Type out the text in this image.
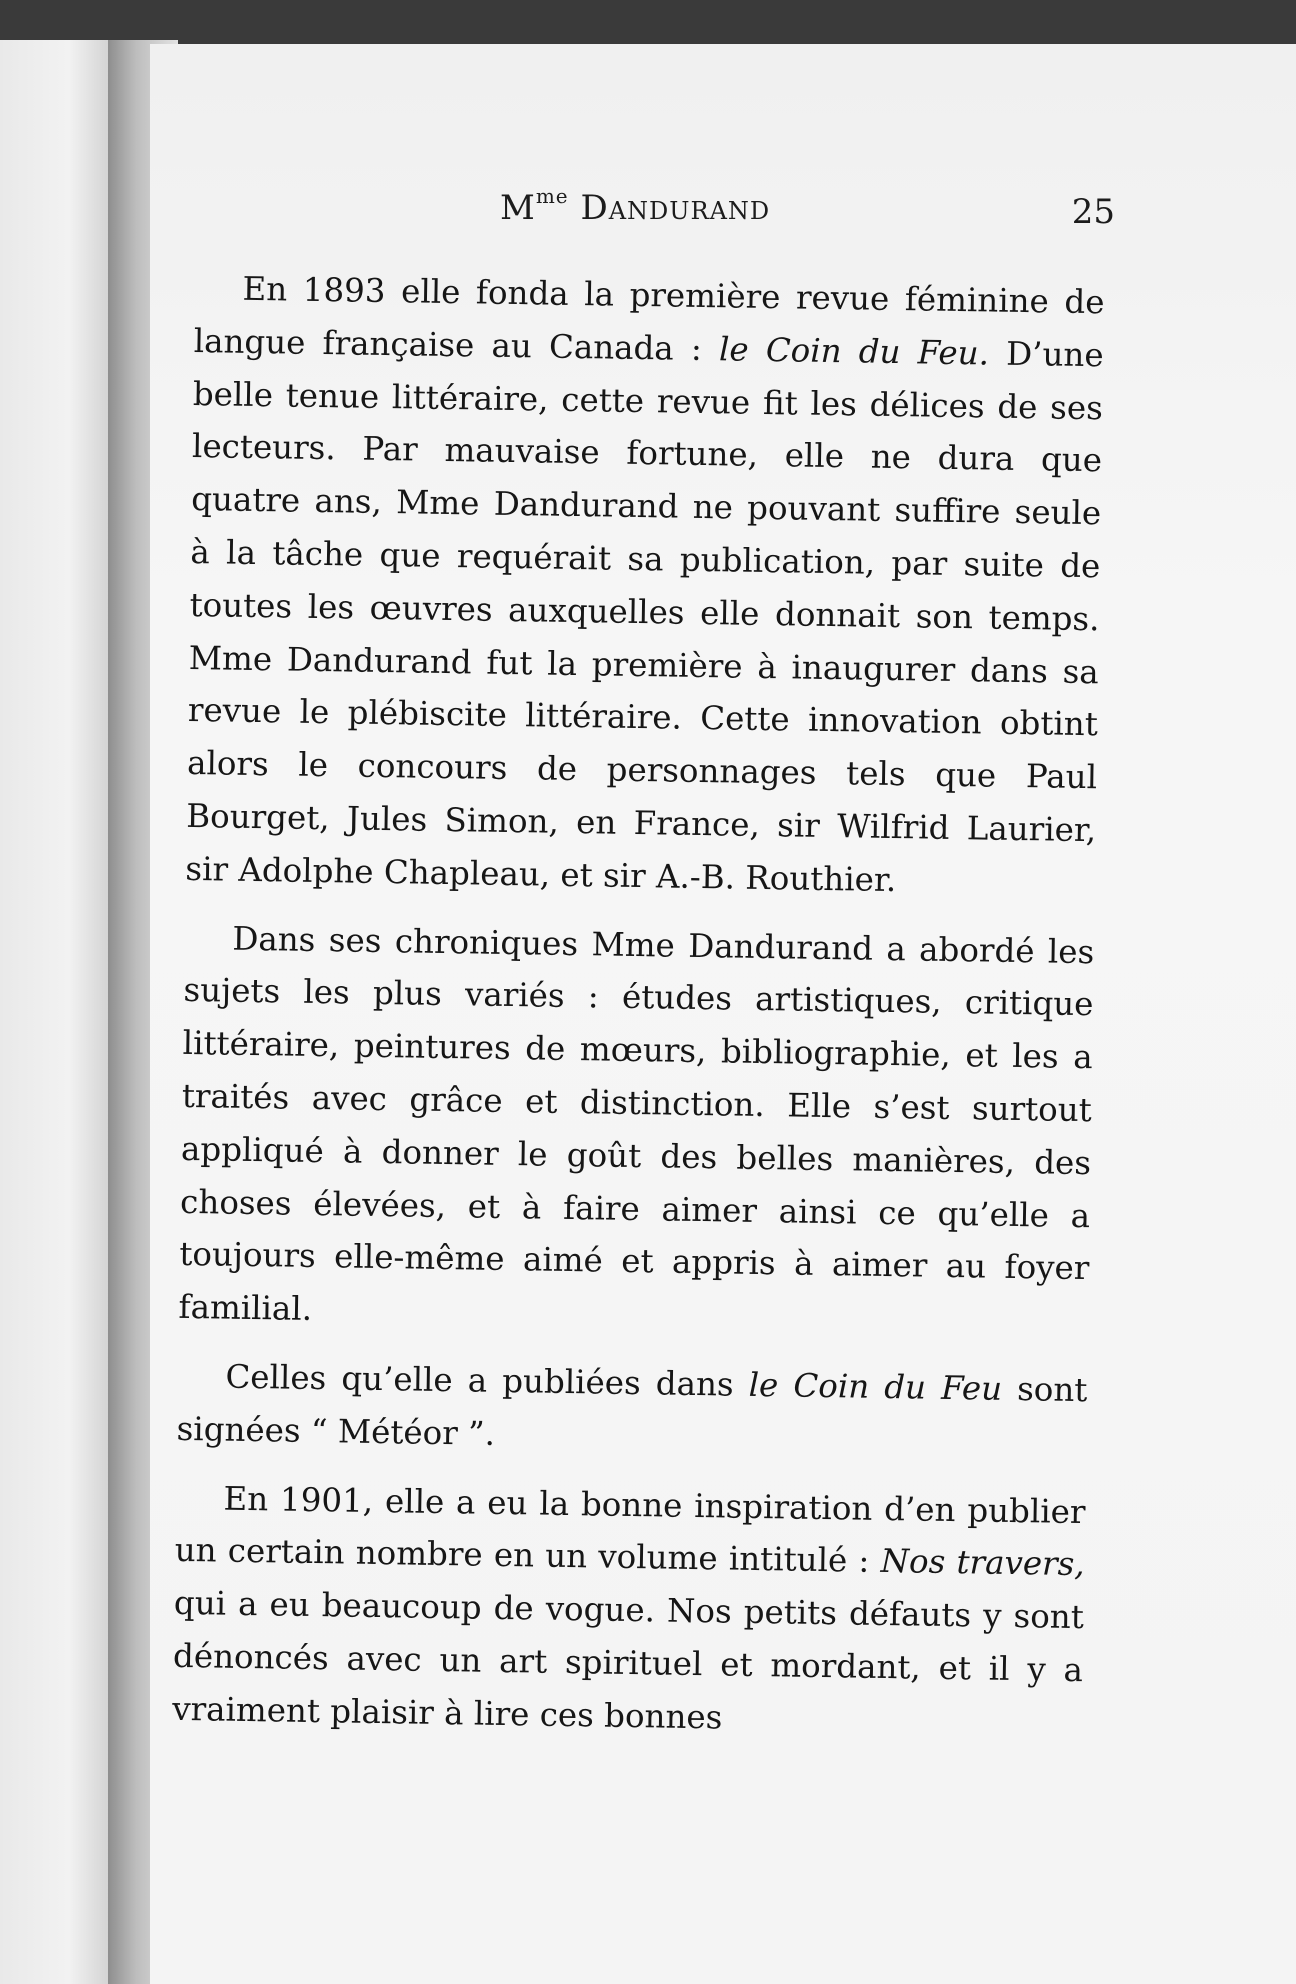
$M^{me}$ Dandurand	25

En 1893 elle fonda la première revue féminine de langue française au Canada : le Coin du Feu. D’une belle tenue littéraire, cette revue fit les délices de ses lecteurs. Par mauvaise fortune, elle ne dura que quatre ans, Mme Dandurand ne pouvant suffire seule à la tâche que requérait sa publication, par suite de toutes les œuvres auxquelles elle donnait son temps. Mme Dandurand fut la première à inaugurer dans sa revue le plébiscite littéraire. Cette innovation obtint alors le concours de personnages tels que Paul Bourget, Jules Simon, en France, sir Wilfrid Laurier, sir Adolphe Chapleau, et sir A.-B. Routhier.

Dans ses chroniques Mme Dandurand a abordé les sujets les plus variés : études artistiques, critique littéraire, peintures de mœurs, bibliographie, et les a traités avec grâce et distinction. Elle s’est surtout appliqué à donner le goût des belles manières, des choses élevées, et à faire aimer ainsi ce qu’elle a toujours elle-même aimé et appris à aimer au foyer familial.

Celles qu’elle a publiées dans le Coin du Feu sont signées “ Météor ”.

En 1901, elle a eu la bonne inspiration d’en publier un certain nombre en un volume intitulé : Nos travers, qui a eu beaucoup de vogue. Nos petits défauts y sont dénoncés avec un art spirituel et mordant, et il y a vraiment plaisir à lire ces bonnes
